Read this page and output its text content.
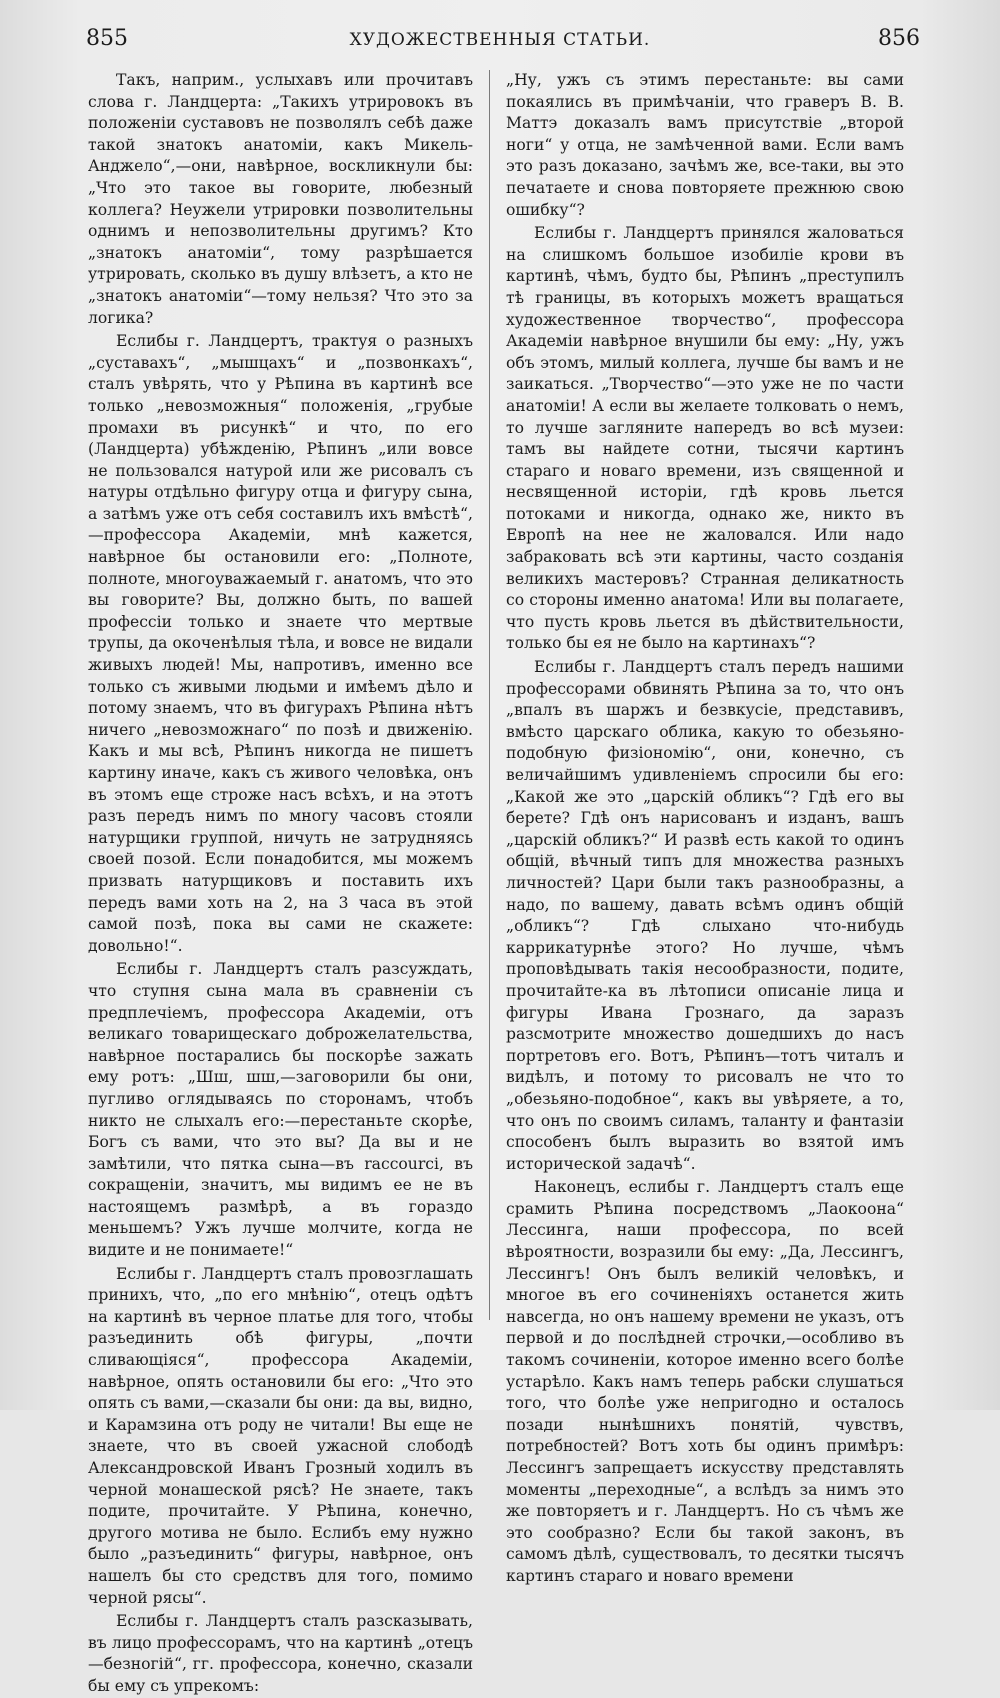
855	ХУДОЖЕСТВЕННЫЯ СТАТЬИ.	856

Такъ, наприм., услыхавъ или прочитавъ слова г. Ландцерта: „Такихъ утрировокъ въ положеніи суставовъ не позволялъ себѣ даже такой знатокъ анатоміи, какъ Микель-Анджело“,—они, навѣрное, воскликнули бы: „Что это такое вы говорите, любезный коллега? Неужели утрировки позволительны однимъ и непозволительны другимъ? Кто „знатокъ анатоміи“, тому разрѣшается утрировать, сколько въ душу влѣзетъ, а кто не „знатокъ анатоміи“—тому нельзя? Что это за логика?

Еслибы г. Ландцертъ, трактуя о разныхъ „суставахъ“, „мышцахъ“ и „позвонкахъ“, сталъ увѣрять, что у Рѣпина въ картинѣ все только „невозможныя“ положенія, „грубые промахи въ рисункѣ“ и что, по его (Ландцерта) убѣжденію, Рѣпинъ „или вовсе не пользовался натурой или же рисовалъ съ натуры отдѣльно фигуру отца и фигуру сына, а затѣмъ уже отъ себя составилъ ихъ вмѣстѣ“,—профессора Академіи, мнѣ кажется, навѣрное бы остановили его: „Полноте, полноте, многоуважаемый г. анатомъ, что это вы говорите? Вы, должно быть, по вашей профессіи только и знаете что мертвые трупы, да окоченѣлыя тѣла, и вовсе не видали живыхъ людей! Мы, напротивъ, именно все только съ живыми людьми и имѣемъ дѣло и потому знаемъ, что въ фигурахъ Рѣпина нѣтъ ничего „невозможнаго“ по позѣ и движенію. Какъ и мы всѣ, Рѣпинъ никогда не пишетъ картину иначе, какъ съ живого человѣка, онъ въ этомъ еще строже насъ всѣхъ, и на этотъ разъ передъ нимъ по многу часовъ стояли натурщики группой, ничуть не затрудняясь своей позой. Если понадобится, мы можемъ призвать натурщиковъ и поставить ихъ передъ вами хоть на 2, на 3 часа въ этой самой позѣ, пока вы сами не скажете: довольно!“.

Еслибы г. Ландцертъ сталъ разсуждать, что ступня сына мала въ сравненіи съ предплечіемъ, профессора Академіи, отъ великаго товарищескаго доброжелательства, навѣрное постарались бы поскорѣе зажать ему ротъ: „Шш, шш,—заговорили бы они, пугливо оглядываясь по сторонамъ, чтобъ никто не слыхалъ его:—перестаньте скорѣе, Богъ съ вами, что это вы? Да вы и не замѣтили, что пятка сына—въ raccourci, въ сокращеніи, значитъ, мы видимъ ее не въ настоящемъ размѣрѣ, а въ гораздо меньшемъ? Ужъ лучше молчите, когда не видите и не понимаете!“

Еслибы г. Ландцертъ сталъ провозглашать принихъ, что, „по его мнѣнію“, отецъ одѣтъ на картинѣ въ черное платье для того, чтобы разъединить обѣ фигуры, „почти сливающіяся“, профессора Академіи, навѣрное, опять остановили бы его: „Что это опять съ вами,—сказали бы они: да вы, видно, и Карамзина отъ роду не читали! Вы еще не знаете, что въ своей ужасной слободѣ Александровской Иванъ Грозный ходилъ въ черной монашеской рясѣ? Не знаете, такъ подите, прочитайте. У Рѣпина, конечно, другого мотива не было. Еслибъ ему нужно было „разъединить“ фигуры, навѣрное, онъ нашелъ бы сто средствъ для того, помимо черной рясы“.

Еслибы г. Ландцертъ сталъ разсказывать, въ лицо профессорамъ, что на картинѣ „отецъ—безногій“, гг. профессора, конечно, сказали бы ему съ упрекомъ:

„Ну, ужъ съ этимъ перестаньте: вы сами покаялись въ примѣчаніи, что граверъ В. В. Маттэ доказалъ вамъ присутствіе „второй ноги“ у отца, не замѣченной вами. Если вамъ это разъ доказано, зачѣмъ же, все-таки, вы это печатаете и снова повторяете прежнюю свою ошибку“?

Еслибы г. Ландцертъ принялся жаловаться на слишкомъ большое изобиліе крови въ картинѣ, чѣмъ, будто бы, Рѣпинъ „преступилъ тѣ границы, въ которыхъ можетъ вращаться художественное творчество“, профессора Академіи навѣрное внушили бы ему: „Ну, ужъ объ этомъ, милый коллега, лучше бы вамъ и не заикаться. „Творчество“—это уже не по части анатоміи! А если вы желаете толковать о немъ, то лучше загляните напередъ во всѣ музеи: тамъ вы найдете сотни, тысячи картинъ стараго и новаго времени, изъ священной и несвященной исторіи, гдѣ кровь льется потоками и никогда, однако же, никто въ Европѣ на нее не жаловался. Или надо забраковать всѣ эти картины, часто созданія великихъ мастеровъ? Странная деликатность со стороны именно анатома! Или вы полагаете, что пусть кровь льется въ дѣйствительности, только бы ея не было на картинахъ“?

Еслибы г. Ландцертъ сталъ передъ нашими профессорами обвинять Рѣпина за то, что онъ „впалъ въ шаржъ и безвкусіе, представивъ, вмѣсто царскаго облика, какую то обезьяно-подобную физіономію“, они, конечно, съ величайшимъ удивленіемъ спросили бы его: „Какой же это „царскій обликъ“? Гдѣ его вы берете? Гдѣ онъ нарисованъ и изданъ, вашъ „царскій обликъ?“ И развѣ есть какой то одинъ общій, вѣчный типъ для множества разныхъ личностей? Цари были такъ разнообразны, а надо, по вашему, давать всѣмъ одинъ общій „обликъ“? Гдѣ слыхано что-нибудь каррикатурнѣе этого? Но лучше, чѣмъ проповѣдывать такія несообразности, подите, прочитайте-ка въ лѣтописи описаніе лица и фигуры Ивана Грознаго, да заразъ разсмотрите множество дошедшихъ до насъ портретовъ его. Вотъ, Рѣпинъ—тотъ читалъ и видѣлъ, и потому то рисовалъ не что то „обезьяно-подобное“, какъ вы увѣряете, а то, что онъ по своимъ силамъ, таланту и фантазіи способенъ былъ выразить во взятой имъ исторической задачѣ“.

Наконецъ, еслибы г. Ландцертъ сталъ еще срамить Рѣпина посредствомъ „Лаокоона“ Лессинга, наши профессора, по всей вѣроятности, возразили бы ему: „Да, Лессингъ, Лессингъ! Онъ былъ великій человѣкъ, и многое въ его сочиненіяхъ останется жить навсегда, но онъ нашему времени не указъ, отъ первой и до послѣдней строчки,—особливо въ такомъ сочиненіи, которое именно всего болѣе устарѣло. Какъ намъ теперь рабски слушаться того, что болѣе уже непригодно и осталось позади нынѣшнихъ понятій, чувствъ, потребностей? Вотъ хоть бы одинъ примѣръ: Лессингъ запрещаетъ искусству представлять моменты „переходные“, а вслѣдъ за нимъ это же повторяетъ и г. Ландцертъ. Но съ чѣмъ же это сообразно? Если бы такой законъ, въ самомъ дѣлѣ, существовалъ, то десятки тысячъ картинъ стараго и новаго времени
